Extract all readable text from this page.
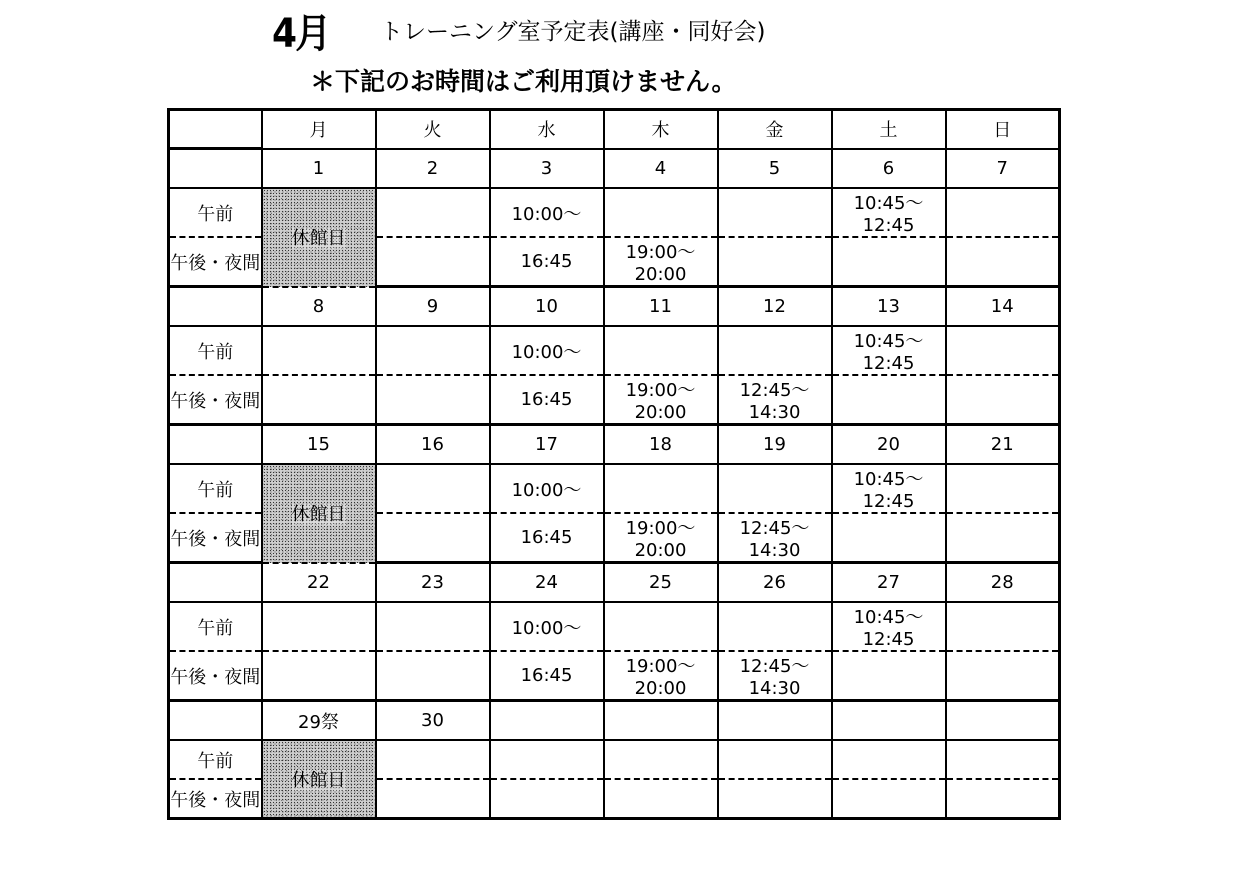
4月 トレーニング室予定表(講座・同好会)
＊下記のお時間はご利用頂けません。
	月	火	水	木	金	土	日
	1	2	3	4	5	6	7
午前	休館日		10:00～			10:45～12:45	
午後・夜間			16:45	19:00～20:00			
	8	9	10	11	12	13	14
午前			10:00～			10:45～12:45	
午後・夜間			16:45	19:00～20:00	12:45～14:30		
	15	16	17	18	19	20	21
午前	休館日		10:00～			10:45～12:45	
午後・夜間			16:45	19:00～20:00	12:45～14:30		
	22	23	24	25	26	27	28
午前			10:00～			10:45～12:45	
午後・夜間			16:45	19:00～20:00	12:45～14:30		
	29祭	30					
午前	休館日						
午後・夜間							
